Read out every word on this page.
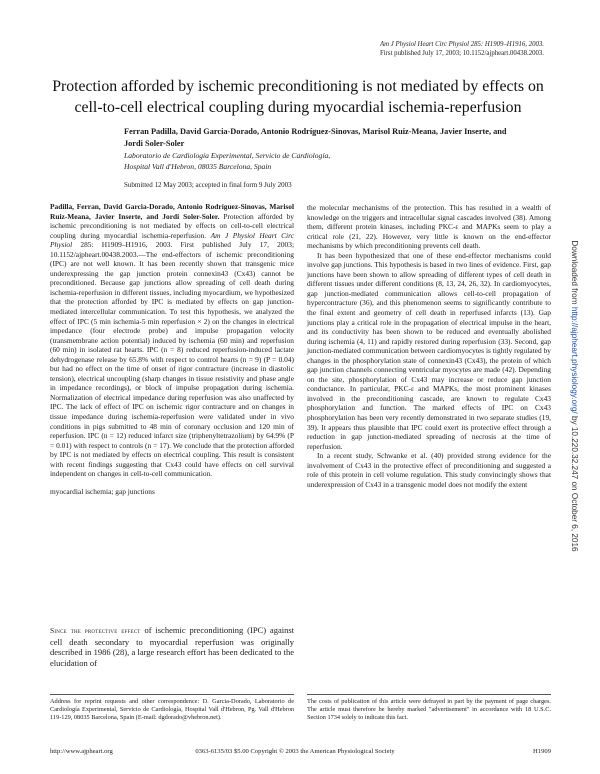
Am J Physiol Heart Circ Physiol 285: H1909–H1916, 2003.
First published July 17, 2003; 10.1152/ajpheart.00438.2003.
Protection afforded by ischemic preconditioning is not mediated by effects on cell-to-cell electrical coupling during myocardial ischemia-reperfusion
Ferran Padilla, David Garcia-Dorado, Antonio Rodríguez-Sinovas, Marisol Ruiz-Meana, Javier Inserte, and Jordi Soler-Soler
Laboratorio de Cardiología Experimental, Servicio de Cardiología,
Hospital Vall d'Hebron, 08035 Barcelona, Spain
Submitted 12 May 2003; accepted in final form 9 July 2003

Padilla, Ferran, David Garcia-Dorado, Antonio Rodríguez-Sinovas, Marisol Ruiz-Meana, Javier Inserte, and Jordi Soler-Soler. Protection afforded by ischemic preconditioning is not mediated by effects on cell-to-cell electrical coupling during myocardial ischemia-reperfusion. Am J Physiol Heart Circ Physiol 285: H1909–H1916, 2003. First published July 17, 2003; 10.1152/ajpheart.00438.2003.—The end-effectors of ischemic preconditioning (IPC) are not well known. It has been recently shown that transgenic mice underexpressing the gap junction protein connexin43 (Cx43) cannot be preconditioned. Because gap junctions allow spreading of cell death during ischemia-reperfusion in different tissues, including myocardium, we hypothesized that the protection afforded by IPC is mediated by effects on gap junction-mediated intercellular communication. To test this hypothesis, we analyzed the effect of IPC (5 min ischemia-5 min reperfusion × 2) on the changes in electrical impedance (four electrode probe) and impulse propagation velocity (transmembrane action potential) induced by ischemia (60 min) and reperfusion (60 min) in isolated rat hearts. IPC (n = 8) reduced reperfusion-induced lactate dehydrogenase release by 65.8% with respect to control hearts (n = 9) (P = 0.04) but had no effect on the time of onset of rigor contracture (increase in diastolic tension), electrical uncoupling (sharp changes in tissue resistivity and phase angle in impedance recordings), or block of impulse propagation during ischemia. Normalization of electrical impedance during reperfusion was also unaffected by IPC. The lack of effect of IPC on ischemic rigor contracture and on changes in tissue impedance during ischemia-reperfusion were validated under in vivo conditions in pigs submitted to 48 min of coronary occlusion and 120 min of reperfusion. IPC (n = 12) reduced infarct size (triphenyltetrazolium) by 64.9% (P = 0.01) with respect to controls (n = 17). We conclude that the protection afforded by IPC is not mediated by effects on electrical coupling. This result is consistent with recent findings suggesting that Cx43 could have effects on cell survival independent on changes in cell-to-cell communication.

myocardial ischemia; gap junctions

Since the protective effect of ischemic preconditioning (IPC) against cell death secondary to myocardial reperfusion was originally described in 1986 (28), a large research effort has been dedicated to the elucidation of

the molecular mechanisms of the protection. This has resulted in a wealth of knowledge on the triggers and intracellular signal cascades involved (38). Among them, different protein kinases, including PKC-ε and MAPKs seem to play a critical role (21, 22). However, very little is known on the end-effector mechanisms by which preconditioning prevents cell death.

It has been hypothesized that one of these end-effector mechanisms could involve gap junctions. This hypothesis is based in two lines of evidence. First, gap junctions have been shown to allow spreading of different types of cell death in different tissues under different conditions (8, 13, 24, 26, 32). In cardiomyocytes, gap junction-mediated communication allows cell-to-cell propagation of hypercontracture (36), and this phenomenon seems to significantly contribute to the final extent and geometry of cell death in reperfused infarcts (13). Gap junctions play a critical role in the propagation of electrical impulse in the heart, and its conductivity has been shown to be reduced and eventually abolished during ischemia (4, 11) and rapidly restored during reperfusion (33). Second, gap junction-mediated communication between cardiomyocytes is tightly regulated by changes in the phosphorylation state of connexin43 (Cx43), the protein of which gap junction channels connecting ventricular myocytes are made (42). Depending on the site, phosphorylation of Cx43 may increase or reduce gap junction conductance. In particular, PKC-ε and MAPKs, the most prominent kinases involved in the preconditioning cascade, are known to regulate Cx43 phosphorylation and function. The marked effects of IPC on Cx43 phosphorylation has been very recently demonstrated in two separate studies (19, 39). It appears thus plausible that IPC could exert its protective effect through a reduction in gap junction-mediated spreading of necrosis at the time of reperfusion.

In a recent study, Schwanke et al. (40) provided strong evidence for the involvement of Cx43 in the protective effect of preconditioning and suggested a role of this protein in cell volume regulation. This study convincingly shows that underexpression of Cx43 in a transgenic model does not modify the extent

Address for reprint requests and other correspondence: D. Garcia-Dorado, Laboratorio de Cardiología Experimental, Servicio de Cardiología, Hospital Vall d'Hebron, Pg. Vall d'Hebron 119-129, 08035 Barcelona, Spain (E-mail: dgdorado@vhebron.net).
The costs of publication of this article were defrayed in part by the payment of page charges. The article must therefore be hereby marked "advertisement" in accordance with 18 U.S.C. Section 1734 solely to indicate this fact.
http://www.ajpheart.org	0363-6135/03 $5.00 Copyright © 2003 the American Physiological Society	H1909
Downloaded from http://ajpheart.physiology.org/ by 10.220.32.247 on October 6, 2016
